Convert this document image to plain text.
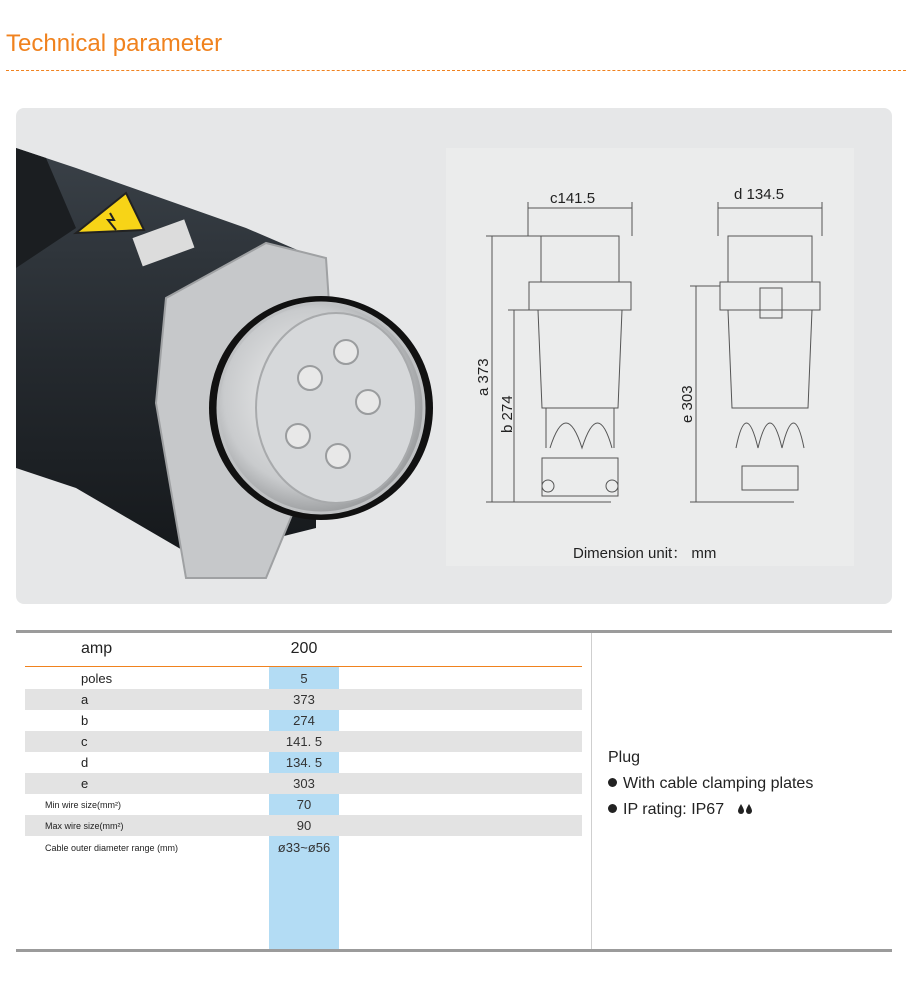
Technical parameter
c141.5	d 134.5
a 373
b 274	e 303
Dimension unit： mm
amp	200
poles	5
a	373
b	274
c	141. 5
d	134. 5
e	303
Min wire size(mm²)	70
Max wire size(mm²)	90
Cable outer diameter range (mm)	ø33~ø56
Plug
With cable clamping plates
IP rating: IP67
